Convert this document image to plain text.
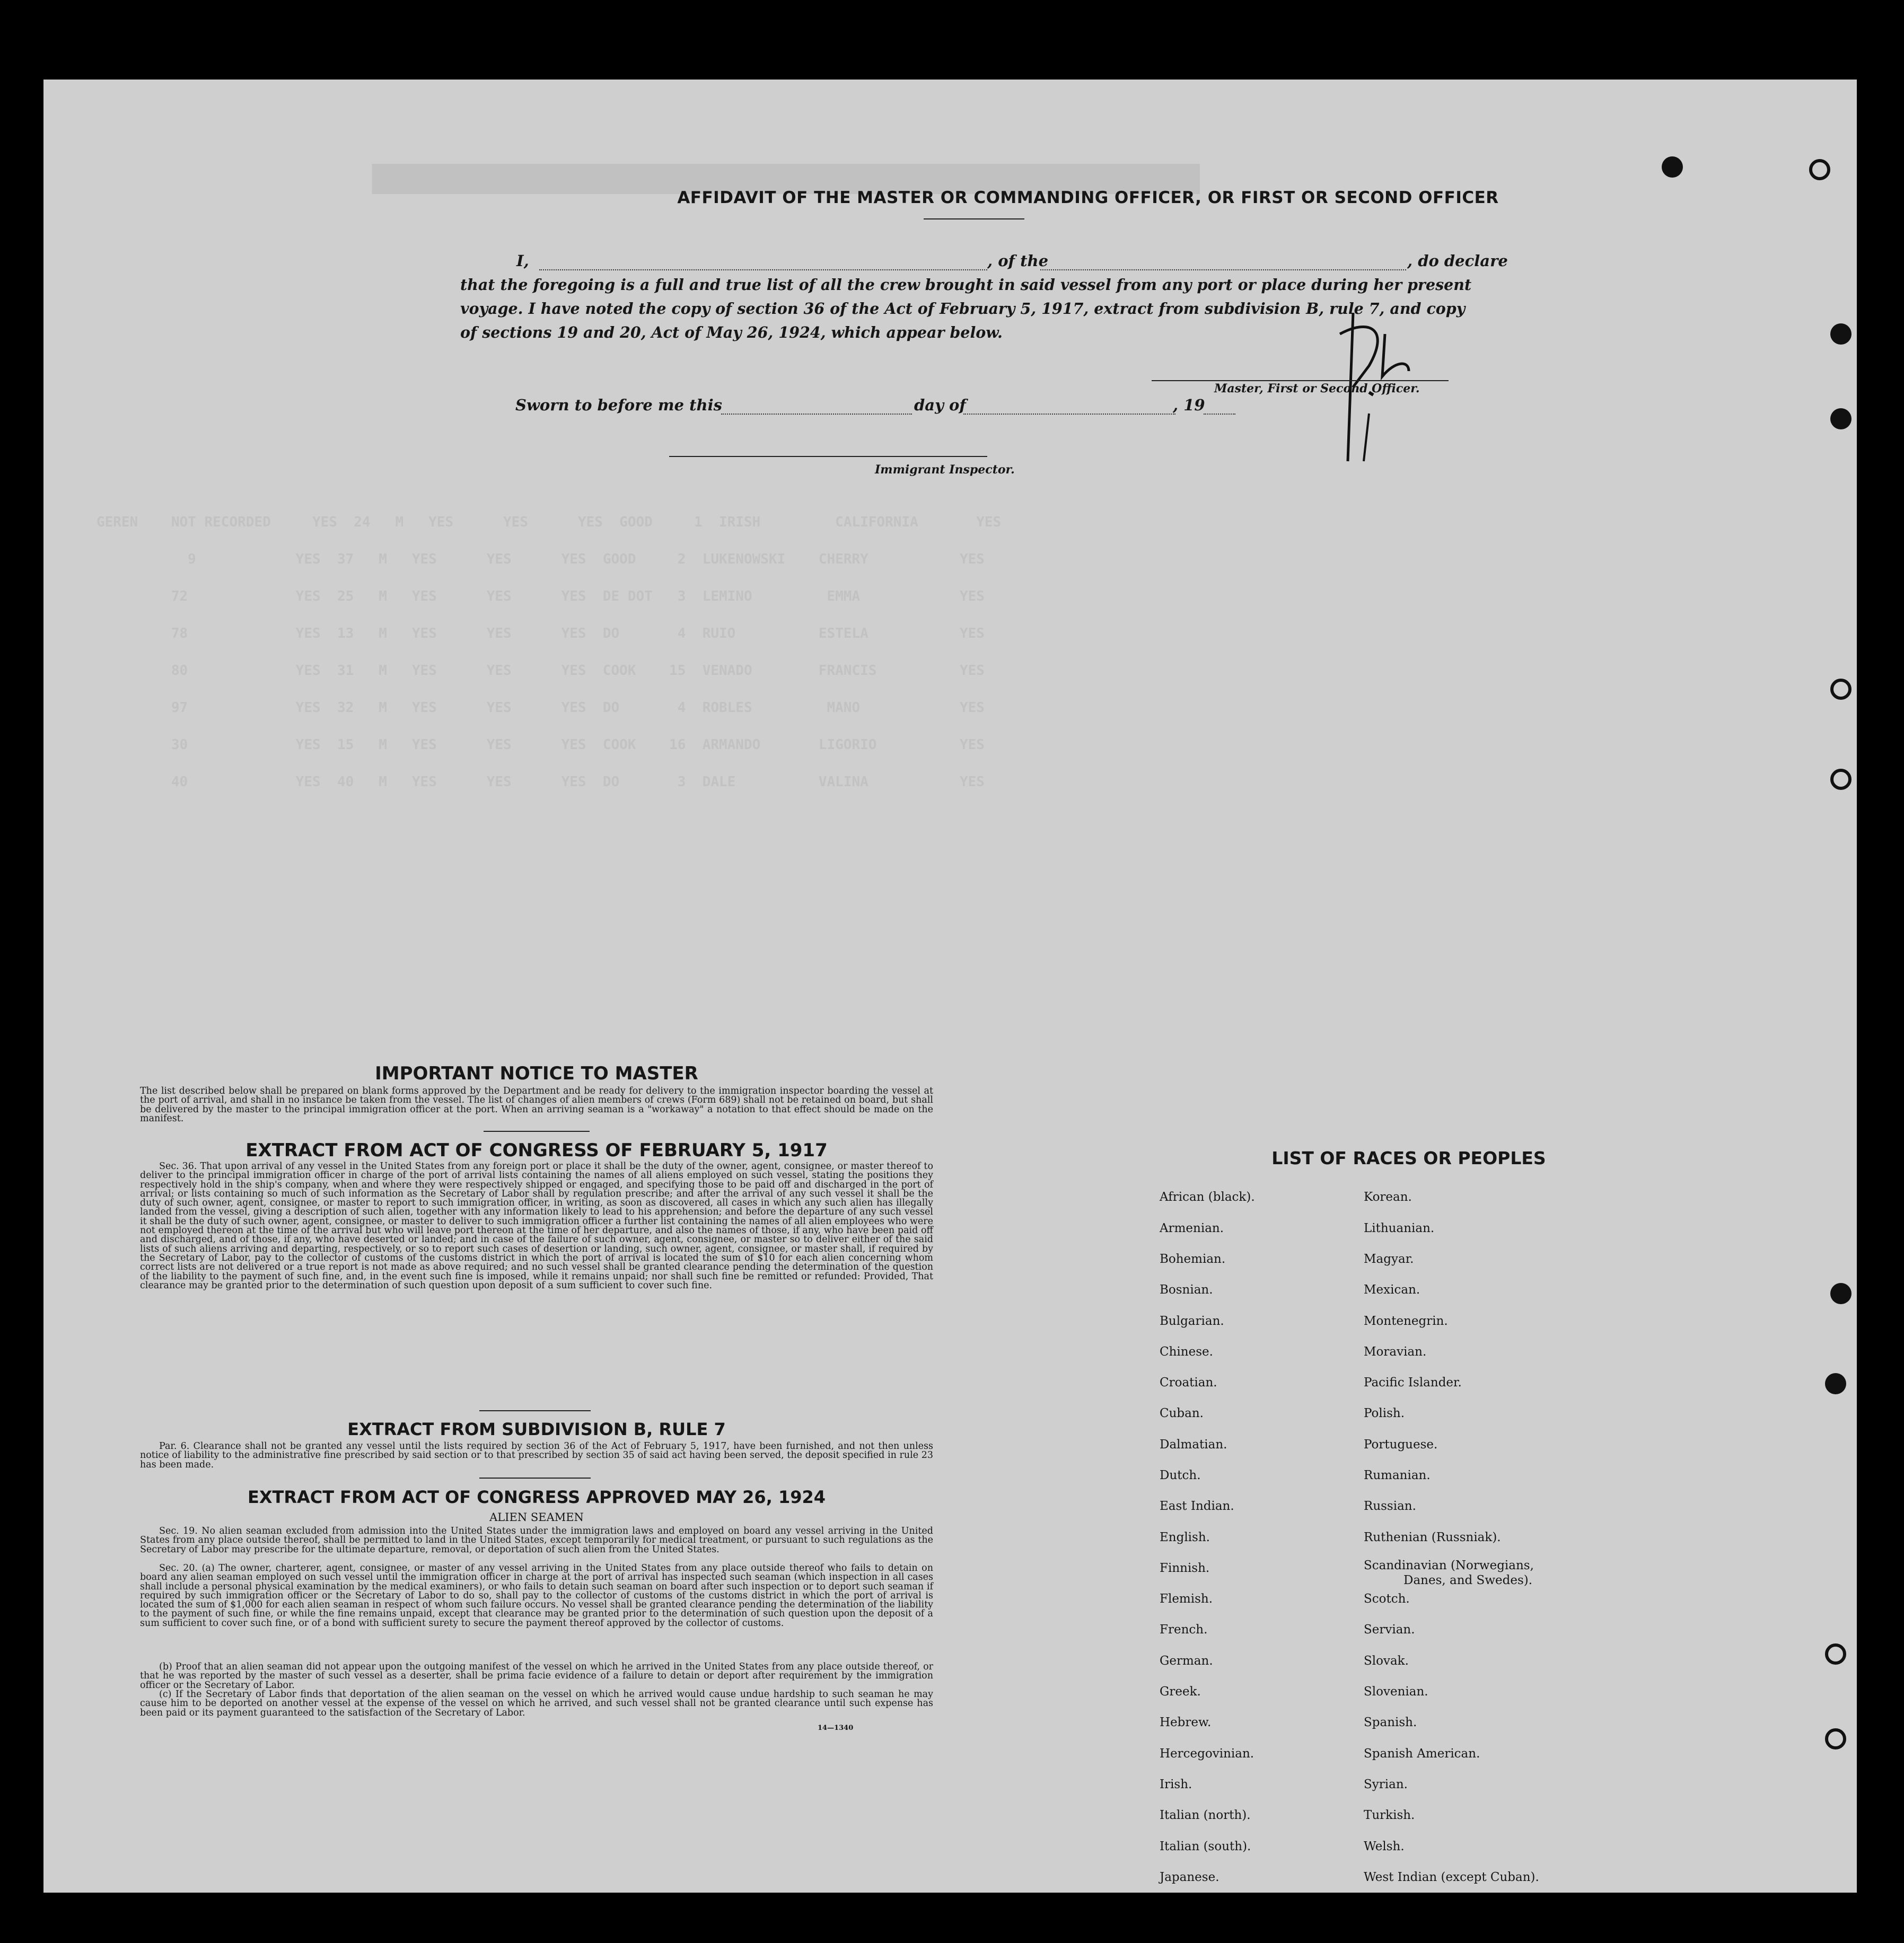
██████████████████████████████████████████████████████
AFFIDAVIT OF THE MASTER OR COMMANDING OFFICER, OR FIRST OR SECOND OFFICER
I,	, of the	, do declare
that the foregoing is a full and true list of all the crew brought in said vessel from any port or place during her present
voyage. I have noted the copy of section 36 of the Act of February 5, 1917, extract from subdivision B, rule 7, and copy
of sections 19 and 20, Act of May 26, 1924, which appear below.
Master, First or Second Officer.
Sworn to before me this	day of	, 19
Immigrant Inspector.

GEREN    NOT RECORDED     YES  24   M   YES      YES      YES  GOOD     1  IRISH         CALIFORNIA       YES
9            YES  37   M   YES      YES      YES  GOOD     2  LUKENOWSKI    CHERRY           YES
72             YES  25   M   YES      YES      YES  DE DOT   3  LEMINO         EMMA            YES
78             YES  13   M   YES      YES      YES  DO       4  RUIO          ESTELA           YES
80             YES  31   M   YES      YES      YES  COOK    15  VENADO        FRANCIS          YES
97             YES  32   M   YES      YES      YES  DO       4  ROBLES         MANO            YES
30             YES  15   M   YES      YES      YES  COOK    16  ARMANDO       LIGORIO          YES
40             YES  40   M   YES      YES      YES  DO       3  DALE          VALINA           YES

IMPORTANT NOTICE TO MASTER
The list described below shall be prepared on blank forms approved by the Department and be ready for delivery to the immigration inspector boarding the vessel at the port of arrival, and shall in no instance be taken from the vessel. The list of changes of alien members of crews (Form 689) shall not be retained on board, but shall be delivered by the master to the principal immigration officer at the port. When an arriving seaman is a "workaway" a notation to that effect should be made on the manifest.
EXTRACT FROM ACT OF CONGRESS OF FEBRUARY 5, 1917
Sec. 36. That upon arrival of any vessel in the United States from any foreign port or place it shall be the duty of the owner, agent, consignee, or master thereof to deliver to the principal immigration officer in charge of the port of arrival lists containing the names of all aliens employed on such vessel, stating the positions they respectively hold in the ship's company, when and where they were respectively shipped or engaged, and specifying those to be paid off and discharged in the port of arrival; or lists containing so much of such information as the Secretary of Labor shall by regulation prescribe; and after the arrival of any such vessel it shall be the duty of such owner, agent, consignee, or master to report to such immigration officer, in writing, as soon as discovered, all cases in which any such alien has illegally landed from the vessel, giving a description of such alien, together with any information likely to lead to his apprehension; and before the departure of any such vessel it shall be the duty of such owner, agent, consignee, or master to deliver to such immigration officer a further list containing the names of all alien employees who were not employed thereon at the time of the arrival but who will leave port thereon at the time of her departure, and also the names of those, if any, who have been paid off and discharged, and of those, if any, who have deserted or landed; and in case of the failure of such owner, agent, consignee, or master so to deliver either of the said lists of such aliens arriving and departing, respectively, or so to report such cases of desertion or landing, such owner, agent, consignee, or master shall, if required by the Secretary of Labor, pay to the collector of customs of the customs district in which the port of arrival is located the sum of $10 for each alien concerning whom correct lists are not delivered or a true report is not made as above required; and no such vessel shall be granted clearance pending the determination of the question of the liability to the payment of such fine, and, in the event such fine is imposed, while it remains unpaid; nor shall such fine be remitted or refunded: Provided, That clearance may be granted prior to the determination of such question upon deposit of a sum sufficient to cover such fine.
EXTRACT FROM SUBDIVISION B, RULE 7
Par. 6. Clearance shall not be granted any vessel until the lists required by section 36 of the Act of February 5, 1917, have been furnished, and not then unless notice of liability to the administrative fine prescribed by said section or to that prescribed by section 35 of said act having been served, the deposit specified in rule 23 has been made.
EXTRACT FROM ACT OF CONGRESS APPROVED MAY 26, 1924
ALIEN SEAMEN
Sec. 19. No alien seaman excluded from admission into the United States under the immigration laws and employed on board any vessel arriving in the United States from any place outside thereof, shall be permitted to land in the United States, except temporarily for medical treatment, or pursuant to such regulations as the Secretary of Labor may prescribe for the ultimate departure, removal, or deportation of such alien from the United States.
Sec. 20. (a) The owner, charterer, agent, consignee, or master of any vessel arriving in the United States from any place outside thereof who fails to detain on board any alien seaman employed on such vessel until the immigration officer in charge at the port of arrival has inspected such seaman (which inspection in all cases shall include a personal physical examination by the medical examiners), or who fails to detain such seaman on board after such inspection or to deport such seaman if required by such immigration officer or the Secretary of Labor to do so, shall pay to the collector of customs of the customs district in which the port of arrival is located the sum of $1,000 for each alien seaman in respect of whom such failure occurs. No vessel shall be granted clearance pending the determination of the liability to the payment of such fine, or while the fine remains unpaid, except that clearance may be granted prior to the determination of such question upon the deposit of a sum sufficient to cover such fine, or of a bond with sufficient surety to secure the payment thereof approved by the collector of customs.
(b) Proof that an alien seaman did not appear upon the outgoing manifest of the vessel on which he arrived in the United States from any place outside thereof, or that he was reported by the master of such vessel as a deserter, shall be prima facie evidence of a failure to detain or deport after requirement by the immigration officer or the Secretary of Labor.
(c) If the Secretary of Labor finds that deportation of the alien seaman on the vessel on which he arrived would cause undue hardship to such seaman he may cause him to be deported on another vessel at the expense of the vessel on which he arrived, and such vessel shall not be granted clearance until such expense has been paid or its payment guaranteed to the satisfaction of the Secretary of Labor.
14—1340
LIST OF RACES OR PEOPLES
African (black).
Armenian.
Bohemian.
Bosnian.
Bulgarian.
Chinese.
Croatian.
Cuban.
Dalmatian.
Dutch.
East Indian.
English.
Finnish.
Flemish.
French.
German.
Greek.
Hebrew.
Hercegovinian.
Irish.
Italian (north).
Italian (south).
Japanese.
Korean.
Lithuanian.
Magyar.
Mexican.
Montenegrin.
Moravian.
Pacific Islander.
Polish.
Portuguese.
Rumanian.
Russian.
Ruthenian (Russniak).
Scandinavian (Norwegians,
Danes, and Swedes).
Scotch.
Servian.
Slovak.
Slovenian.
Spanish.
Spanish American.
Syrian.
Turkish.
Welsh.
West Indian (except Cuban).
